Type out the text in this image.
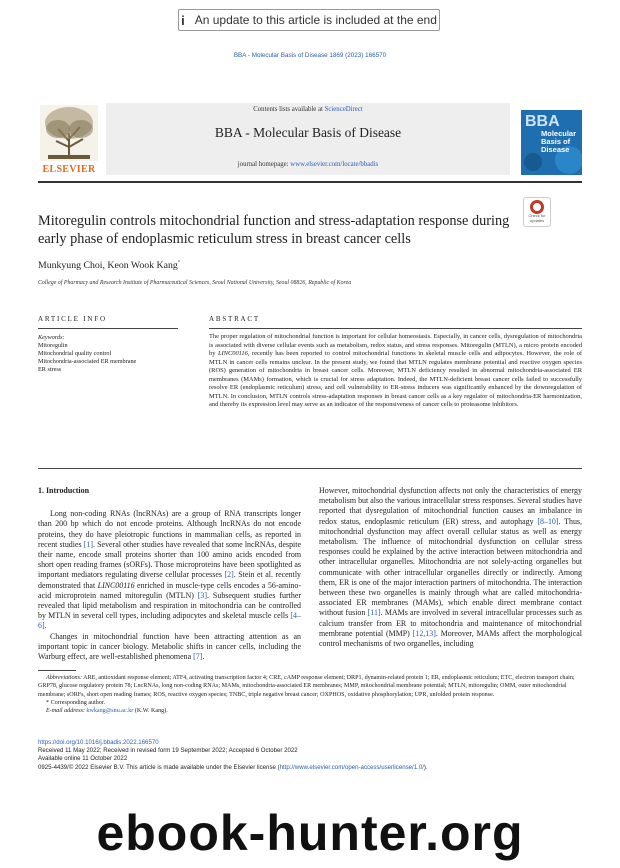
i An update to this article is included at the end
BBA - Molecular Basis of Disease 1869 (2023) 166570
ELSEVIER
Contents lists available at ScienceDirect
BBA - Molecular Basis of Disease
journal homepage: www.elsevier.com/locate/bbadis
BBA
Molecular
Basis of
Disease
Check for
updates
Mitoregulin controls mitochondrial function and stress-adaptation response during early phase of endoplasmic reticulum stress in breast cancer cells
Munkyung Choi, Keon Wook Kang*
College of Pharmacy and Research Institute of Pharmaceutical Sciences, Seoul National University, Seoul 08826, Republic of Korea
ARTICLE INFO	ABSTRACT
Keywords:
Mitoregulin
Mitochondrial quality control
Mitochondria-associated ER membrane
ER stress
The proper regulation of mitochondrial function is important for cellular homeostasis. Especially, in cancer cells, dysregulation of mitochondria is associated with diverse cellular events such as metabolism, redox status, and stress responses. Mitoregulin (MTLN), a micro protein encoded by LINC00116, recently has been reported to control mitochondrial functions in skeletal muscle cells and adipocytes. However, the role of MTLN in cancer cells remains unclear. In the present study, we found that MTLN regulates membrane potential and reactive oxygen species (ROS) generation of mitochondria in breast cancer cells. Moreover, MTLN deficiency resulted in abnormal mitochondria-associated ER membranes (MAMs) formation, which is crucial for stress adaptation. Indeed, the MTLN-deficient breast cancer cells failed to successfully resolve ER (endoplasmic reticulum) stress, and cell vulnerability to ER-stress inducers was significantly enhanced by the downregulation of MTLN. In conclusion, MTLN controls stress-adaptation responses in breast cancer cells as a key regulator of mitochondria-ER harmonization, and thereby its expression level may serve as an indicator of the responsiveness of cancer cells to proteasome inhibitors.
1. Introduction

Long non-coding RNAs (lncRNAs) are a group of RNA transcripts longer than 200 bp which do not encode proteins. Although lncRNAs do not encode proteins, they do have pleiotropic functions in mammalian cells, as reported in recent studies [1]. Several other studies have revealed that some lncRNAs, despite their name, encode small proteins shorter than 100 amino acids encoded from short open reading frames (sORFs). Those microproteins have been spotlighted as important mediators regulating diverse cellular processes [2]. Stein et al. recently demonstrated that LINC00116 enriched in muscle-type cells encodes a 56-amino-acid microprotein named mitoregulin (MTLN) [3]. Subsequent studies further revealed that lipid metabolism and respiration in mitochondria can be controlled by MTLN in several cell types, including adipocytes and skeletal muscle cells [4–6].

Changes in mitochondrial function have been attracting attention as an important topic in cancer biology. Metabolic shifts in cancer cells, including the Warburg effect, are well-established phenomena [7].

However, mitochondrial dysfunction affects not only the characteristics of energy metabolism but also the various intracellular stress responses. Several studies have reported that dysregulation of mitochondrial function causes an imbalance in redox status, endoplasmic reticulum (ER) stress, and autophagy [8–10]. Thus, mitochondrial dysfunction may affect overall cellular status as well as energy metabolism. The influence of mitochondrial dysfunction on cellular stress responses could be explained by the active interaction between mitochondria and other intracellular organelles. Mitochondria are not solely-acting organelles but communicate with other intracellular organelles directly or indirectly. Among them, ER is one of the major interaction partners of mitochondria. The interaction between these two organelles is mainly through what are called mitochondria-associated ER membranes (MAMs), which enable direct membrane contact without fusion [11]. MAMs are involved in several intracellular processes such as calcium transfer from ER to mitochondria and maintenance of mitochondrial membrane potential (MMP) [12,13]. Moreover, MAMs affect the morphological control mechanisms of two organelles, including

Abbreviations: ARE, antioxidant response element; ATF4, activating transcription factor 4; CRE, cAMP response element; DRP1, dynamin-related protein 1; ER, endoplasmic reticulum; ETC, electron transport chain; GRP78, glucose regulatory protein 78; LncRNAs, long non-coding RNAs; MAMs, mitochondria-associated ER membranes; MMP, mitochondrial membrane potential; MTLN, mitoregulin; OMM, outer mitochondrial membrane; sORFs, short open reading frames; ROS, reactive oxygen species; TNBC, triple negative breast cancer; OXPHOS, oxidative phosphorylation; UPR, unfolded protein response.

* Corresponding author.

E-mail address: kwkang@snu.ac.kr (K.W. Kang).

https://doi.org/10.1016/j.bbadis.2022.166570

Received 11 May 2022; Received in revised form 19 September 2022; Accepted 6 October 2022

Available online 11 October 2022

0925-4439/© 2022 Elsevier B.V. This article is made available under the Elsevier license (http://www.elsevier.com/open-access/userlicense/1.0/).

ebook-hunter.org
